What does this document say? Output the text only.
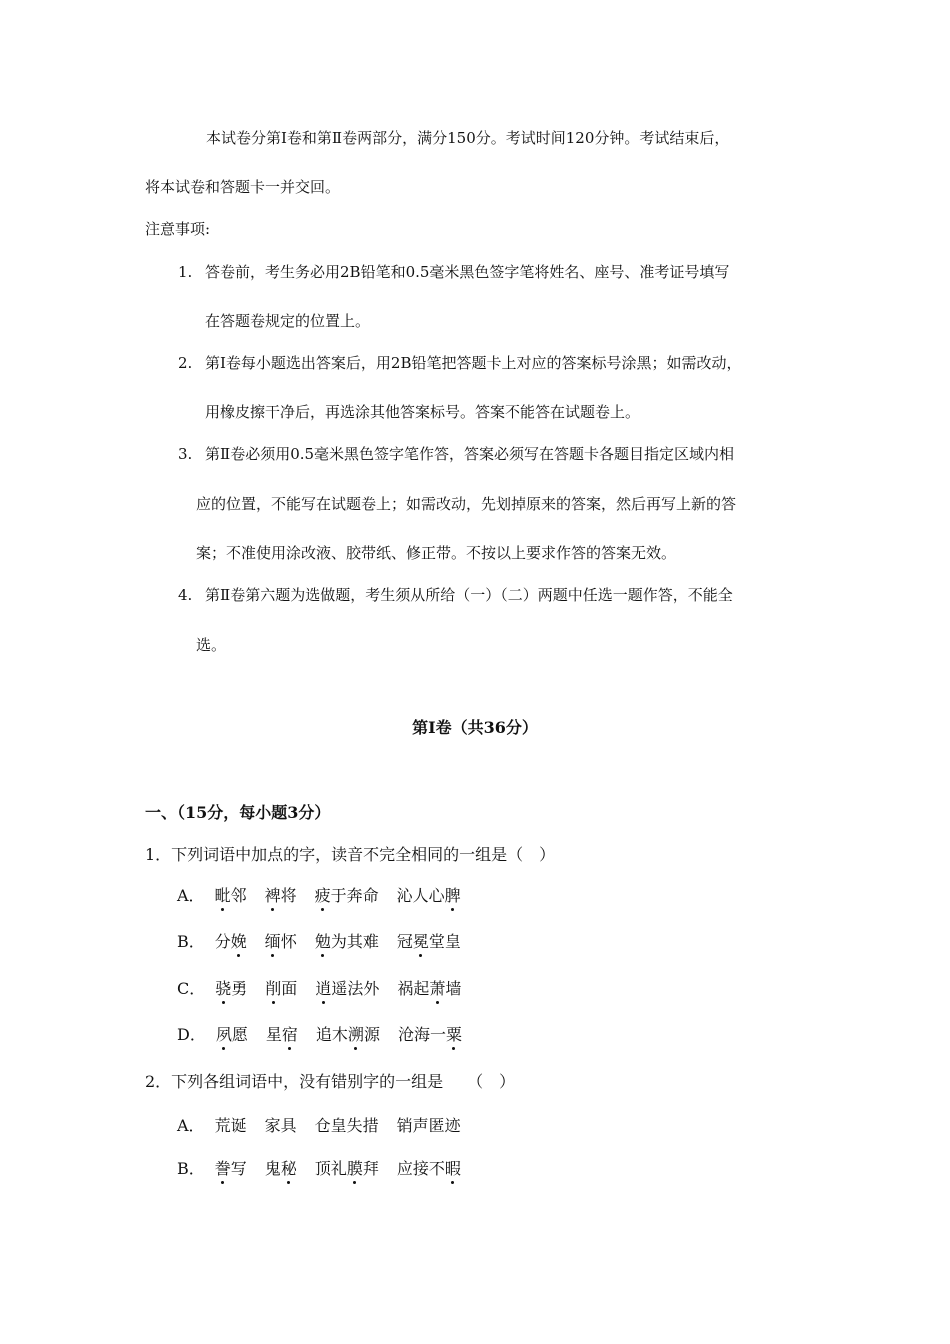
本试卷分第Ⅰ卷和第Ⅱ卷两部分，满分150分。考试时间120分钟。考试结束后，
将本试卷和答题卡一并交回。
注意事项:
1. 答卷前，考生务必用2B铅笔和0.5毫米黑色签字笔将姓名、座号、准考证号填写
在答题卷规定的位置上。
2. 第Ⅰ卷每小题选出答案后，用2B铅笔把答题卡上对应的答案标号涂黑；如需改动，
用橡皮擦干净后，再选涂其他答案标号。答案不能答在试题卷上。
3. 第Ⅱ卷必须用0.5毫米黑色签字笔作答，答案必须写在答题卡各题目指定区域内相
应的位置，不能写在试题卷上；如需改动，先划掉原来的答案，然后再写上新的答
案；不准使用涂改液、胶带纸、修正带。不按以上要求作答的答案无效。
4. 第Ⅱ卷第六题为选做题，考生须从所给（一）（二）两题中任选一题作答，不能全
选。
第Ⅰ卷（共36分）
一、（15分，每小题3分）
1．下列词语中加点的字，读音不完全相同的一组是（　）
A． 毗邻 裨将 疲于奔命 沁人心脾
B． 分娩 缅怀 勉为其难 冠冕堂皇
C． 骁勇 削面 逍遥法外 祸起萧墙
D． 夙愿 星宿 追木溯源 沧海一粟
2．下列各组词语中，没有错别字的一组是　　（　）
A． 荒诞 家具 仓皇失措 销声匿迹
B． 誊写 鬼秘 顶礼膜拜 应接不暇
